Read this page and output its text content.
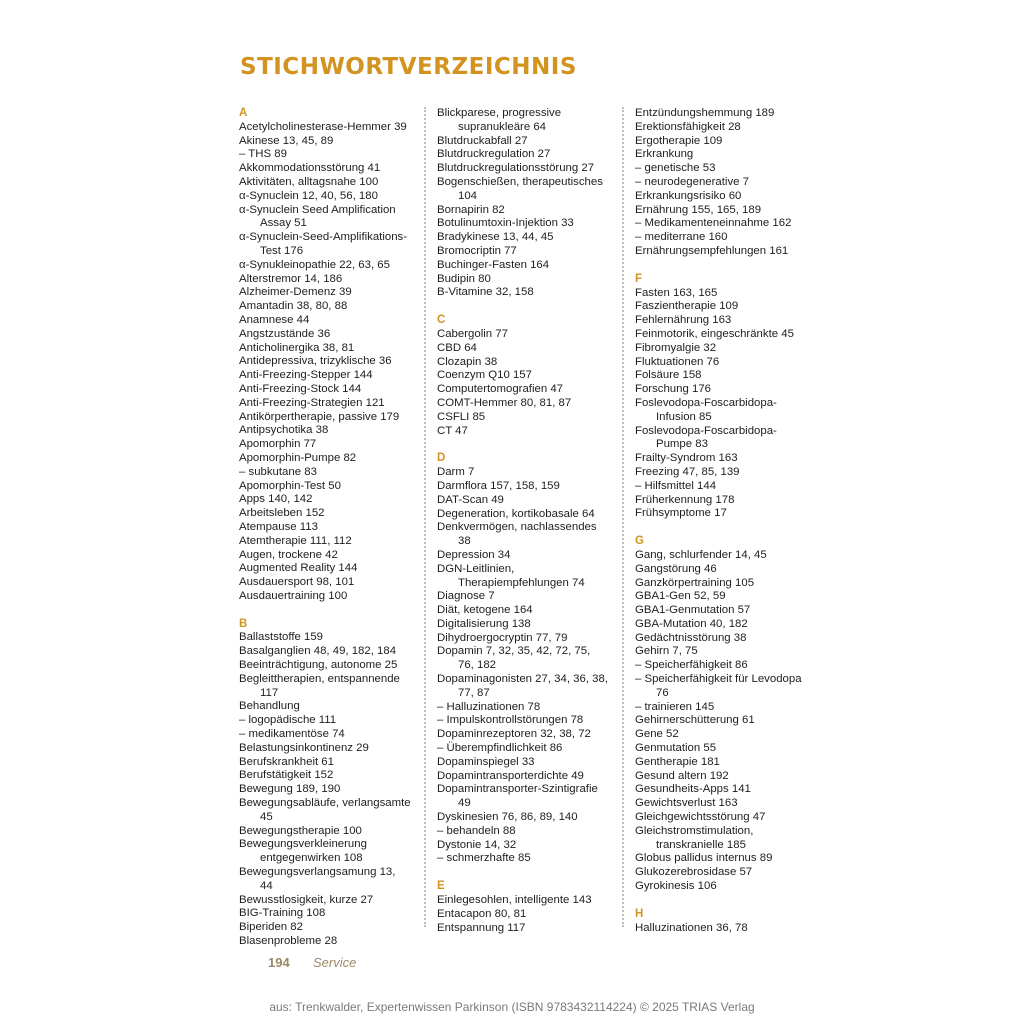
STICHWORTVERZEICHNIS
A
Acetylcholinesterase-Hemmer 39
Akinese 13, 45, 89
– THS 89
Akkommodationsstörung 41
Aktivitäten, alltagsnahe 100
α-Synuclein 12, 40, 56, 180
α-Synuclein Seed Amplification Assay 51
α-Synuclein-Seed-Amplifikations-Test 176
α-Synukleinopathie 22, 63, 65
Alterstremor 14, 186
Alzheimer-Demenz 39
Amantadin 38, 80, 88
Anamnese 44
Angstzustände 36
Anticholinergika 38, 81
Antidepressiva, trizyklische 36
Anti-Freezing-Stepper 144
Anti-Freezing-Stock 144
Anti-Freezing-Strategien 121
Antikörpertherapie, passive 179
Antipsychotika 38
Apomorphin 77
Apomorphin-Pumpe 82
– subkutane 83
Apomorphin-Test 50
Apps 140, 142
Arbeitsleben 152
Atempause 113
Atemtherapie 111, 112
Augen, trockene 42
Augmented Reality 144
Ausdauersport 98, 101
Ausdauertraining 100
B
Ballaststoffe 159
Basalganglien 48, 49, 182, 184
Beeinträchtigung, autonome 25
Begleittherapien, entspannende 117
Behandlung
– logopädische 111
– medikamentöse 74
Belastungsinkontinenz 29
Berufskrankheit 61
Berufstätigkeit 152
Bewegung 189, 190
Bewegungsabläufe, verlangsamte 45
Bewegungstherapie 100
Bewegungsverkleinerung entgegenwirken 108
Bewegungsverlangsamung 13, 44
Bewusstlosigkeit, kurze 27
BIG-Training 108
Biperiden 82
Blasenprobleme 28
Blickparese, progressive supranukleäre 64
Blutdruckabfall 27
Blutdruckregulation 27
Blutdruckregulationsstörung 27
Bogenschießen, therapeutisches 104
Bornapirin 82
Botulinumtoxin-Injektion 33
Bradykinese 13, 44, 45
Bromocriptin 77
Buchinger-Fasten 164
Budipin 80
B-Vitamine 32, 158
C
Cabergolin 77
CBD 64
Clozapin 38
Coenzym Q10 157
Computertomografien 47
COMT-Hemmer 80, 81, 87
CSFLI 85
CT 47
D
Darm 7
Darmflora 157, 158, 159
DAT-Scan 49
Degeneration, kortikobasale 64
Denkvermögen, nachlassendes 38
Depression 34
DGN-Leitlinien, Therapiempfehlungen 74
Diagnose 7
Diät, ketogene 164
Digitalisierung 138
Dihydroergocryptin 77, 79
Dopamin 7, 32, 35, 42, 72, 75, 76, 182
Dopaminagonisten 27, 34, 36, 38, 77, 87
– Halluzinationen 78
– Impulskontrollstörungen 78
Dopaminrezeptoren 32, 38, 72
– Überempfindlichkeit 86
Dopaminspiegel 33
Dopamintransporterdichte 49
Dopamintransporter-Szintigrafie 49
Dyskinesien 76, 86, 89, 140
– behandeln 88
Dystonie 14, 32
– schmerzhafte 85
E
Einlegesohlen, intelligente 143
Entacapon 80, 81
Entspannung 117
Entzündungshemmung 189
Erektionsfähigkeit 28
Ergotherapie 109
Erkrankung
– genetische 53
– neurodegenerative 7
Erkrankungsrisiko 60
Ernährung 155, 165, 189
– Medikamenteneinnahme 162
– mediterrane 160
Ernährungsempfehlungen 161
F
Fasten 163, 165
Faszientherapie 109
Fehlernährung 163
Feinmotorik, eingeschränkte 45
Fibromyalgie 32
Fluktuationen 76
Folsäure 158
Forschung 176
Foslevodopa-Foscarbidopa-Infusion 85
Foslevodopa-Foscarbidopa-Pumpe 83
Frailty-Syndrom 163
Freezing 47, 85, 139
– Hilfsmittel 144
Früherkennung 178
Frühsymptome 17
G
Gang, schlurfender 14, 45
Gangstörung 46
Ganzkörpertraining 105
GBA1-Gen 52, 59
GBA1-Genmutation 57
GBA-Mutation 40, 182
Gedächtnisstörung 38
Gehirn 7, 75
– Speicherfähigkeit 86
– Speicherfähigkeit für Levodopa 76
– trainieren 145
Gehirnerschütterung 61
Gene 52
Genmutation 55
Gentherapie 181
Gesund altern 192
Gesundheits-Apps 141
Gewichtsverlust 163
Gleichgewichtsstörung 47
Gleichstromstimulation, transkranielle 185
Globus pallidus internus 89
Glukozerebrosidase 57
Gyrokinesis 106
H
Halluzinationen 36, 78
194 Service
aus: Trenkwalder, Expertenwissen Parkinson (ISBN 9783432114224) © 2025 TRIAS Verlag
